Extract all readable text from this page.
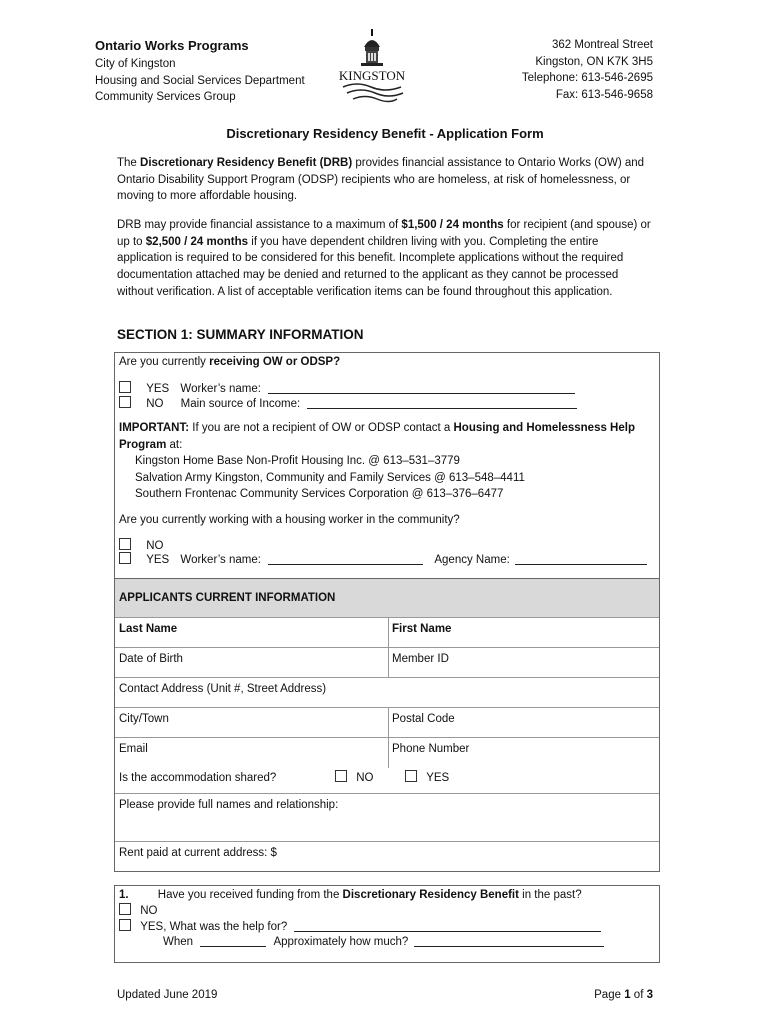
Ontario Works Programs
City of Kingston
Housing and Social Services Department
Community Services Group
KINGSTON
362 Montreal Street
Kingston, ON K7K 3H5
Telephone: 613-546-2695
Fax: 613-546-9658
Discretionary Residency Benefit - Application Form
The Discretionary Residency Benefit (DRB) provides financial assistance to Ontario Works (OW) and Ontario Disability Support Program (ODSP) recipients who are homeless, at risk of homelessness, or moving to more affordable housing.
DRB may provide financial assistance to a maximum of $1,500 / 24 months for recipient (and spouse) or up to $2,500 / 24 months if you have dependent children living with you. Completing the entire application is required to be considered for this benefit. Incomplete applications without the required documentation attached may be denied and returned to the applicant as they cannot be processed without verification. A list of acceptable verification items can be found throughout this application.
SECTION 1: SUMMARY INFORMATION
Are you currently receiving OW or ODSP?
YES Worker’s name:
NO Main source of Income:
IMPORTANT: If you are not a recipient of OW or ODSP contact a Housing and Homelessness Help Program at:
Kingston Home Base Non-Profit Housing Inc. @ 613–531–3779
Salvation Army Kingston, Community and Family Services @ 613–548–4411
Southern Frontenac Community Services Corporation @ 613–376–6477
Are you currently working with a housing worker in the community?
NO
YES Worker’s name:	Agency Name:
APPLICANTS CURRENT INFORMATION
Last Name	First Name
Date of Birth	Member ID
Contact Address (Unit #, Street Address)
City/Town	Postal Code
Email	Phone Number
Is the accommodation shared?	NO	YES
Please provide full names and relationship:
Rent paid at current address: $
1.	Have you received funding from the Discretionary Residency Benefit in the past?
NO
YES, What was the help for?
When	Approximately how much?
Updated June 2019	Page 1 of 3
